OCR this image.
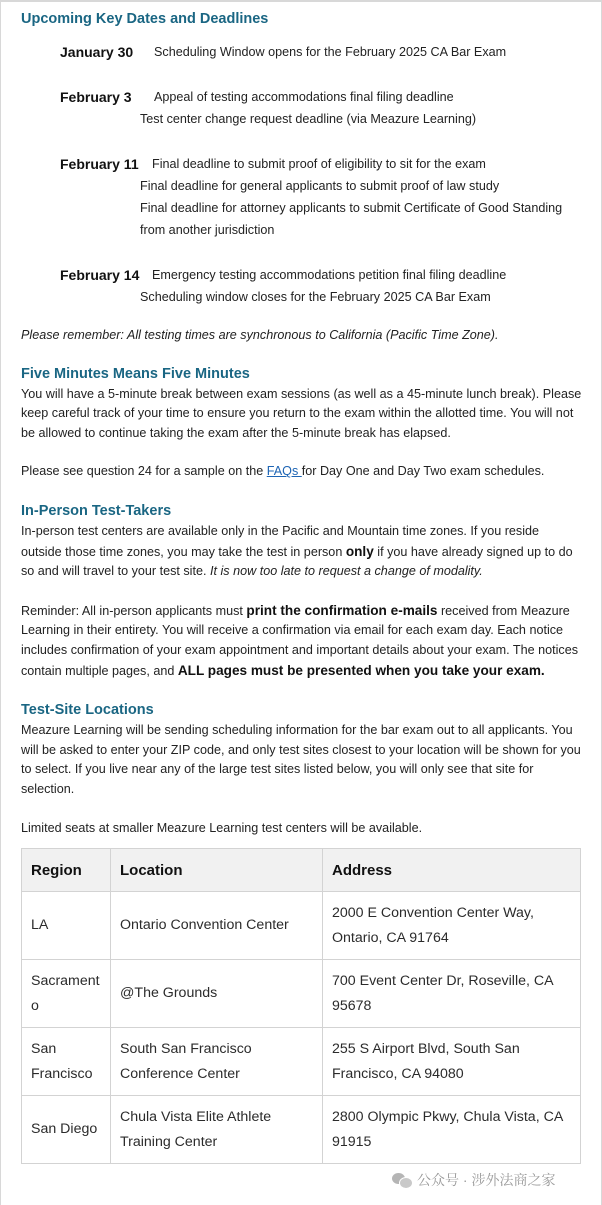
Upcoming Key Dates and Deadlines
January 30	Scheduling Window opens for the February 2025 CA Bar Exam
February 3	Appeal of testing accommodations final filing deadline
Test center change request deadline (via Meazure Learning)
February 11	Final deadline to submit proof of eligibility to sit for the exam
Final deadline for general applicants to submit proof of law study
Final deadline for attorney applicants to submit Certificate of Good Standing from another jurisdiction
February 14	Emergency testing accommodations petition final filing deadline
Scheduling window closes for the February 2025 CA Bar Exam

Please remember: All testing times are synchronous to California (Pacific Time Zone).

Five Minutes Means Five Minutes

You will have a 5-minute break between exam sessions (as well as a 45-minute lunch break). Please keep careful track of your time to ensure you return to the exam within the allotted time. You will not be allowed to continue taking the exam after the 5-minute break has elapsed.

Please see question 24 for a sample on the FAQs for Day One and Day Two exam schedules.

In-Person Test-Takers

In-person test centers are available only in the Pacific and Mountain time zones. If you reside outside those time zones, you may take the test in person only if you have already signed up to do so and will travel to your test site. It is now too late to request a change of modality.

Reminder: All in-person applicants must print the confirmation e-mails received from Meazure Learning in their entirety. You will receive a confirmation via email for each exam day. Each notice includes confirmation of your exam appointment and important details about your exam. The notices contain multiple pages, and ALL pages must be presented when you take your exam.

Test-Site Locations

Meazure Learning will be sending scheduling information for the bar exam out to all applicants. You will be asked to enter your ZIP code, and only test sites closest to your location will be shown for you to select. If you live near any of the large test sites listed below, you will only see that site for selection.

Limited seats at smaller Meazure Learning test centers will be available.

Region	Location	Address
LA	Ontario Convention Center	2000 E Convention Center Way, Ontario, CA 91764
Sacramento	@The Grounds	700 Event Center Dr, Roseville, CA 95678
San Francisco	South San Francisco Conference Center	255 S Airport Blvd, South San Francisco, CA 94080
San Diego	Chula Vista Elite Athlete Training Center	2800 Olympic Pkwy, Chula Vista, CA 91915
公众号 · 涉外法商之家
